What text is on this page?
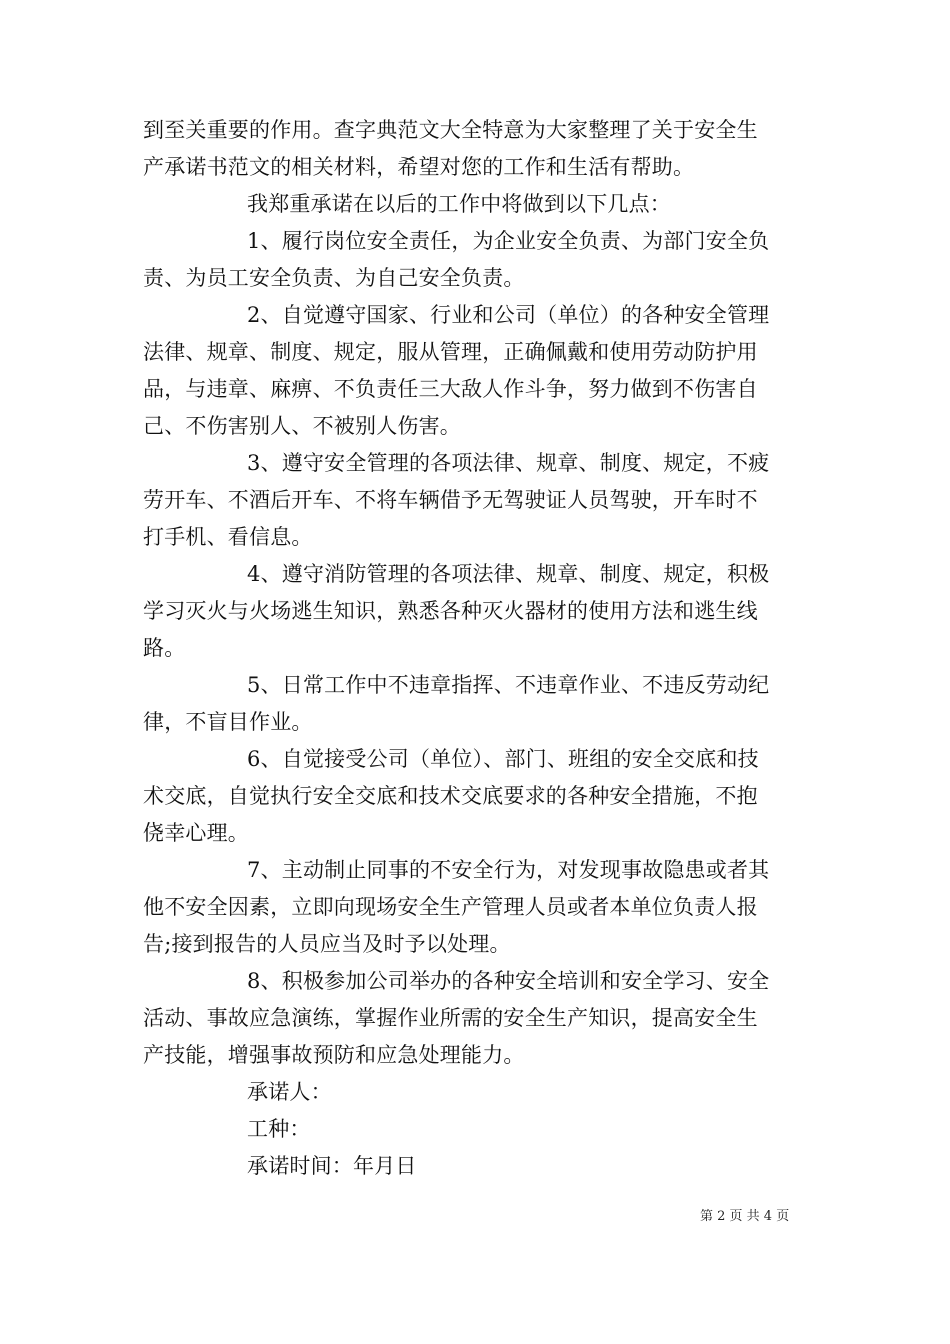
到至关重要的作用。查字典范文大全特意为大家整理了关于安全生
产承诺书范文的相关材料，希望对您的工作和生活有帮助。
我郑重承诺在以后的工作中将做到以下几点：
1、履行岗位安全责任，为企业安全负责、为部门安全负
责、为员工安全负责、为自己安全负责。
2、自觉遵守国家、行业和公司（单位）的各种安全管理
法律、规章、制度、规定，服从管理，正确佩戴和使用劳动防护用
品，与违章、麻痹、不负责任三大敌人作斗争，努力做到不伤害自
己、不伤害别人、不被别人伤害。
3、遵守安全管理的各项法律、规章、制度、规定，不疲
劳开车、不酒后开车、不将车辆借予无驾驶证人员驾驶，开车时不
打手机、看信息。
4、遵守消防管理的各项法律、规章、制度、规定，积极
学习灭火与火场逃生知识，熟悉各种灭火器材的使用方法和逃生线
路。
5、日常工作中不违章指挥、不违章作业、不违反劳动纪
律，不盲目作业。
6、自觉接受公司（单位）、部门、班组的安全交底和技
术交底，自觉执行安全交底和技术交底要求的各种安全措施，不抱
侥幸心理。
7、主动制止同事的不安全行为，对发现事故隐患或者其
他不安全因素，立即向现场安全生产管理人员或者本单位负责人报
告;接到报告的人员应当及时予以处理。
8、积极参加公司举办的各种安全培训和安全学习、安全
活动、事故应急演练，掌握作业所需的安全生产知识，提高安全生
产技能，增强事故预防和应急处理能力。
承诺人：
工种：
承诺时间：年月日
第 2 页 共 4 页
